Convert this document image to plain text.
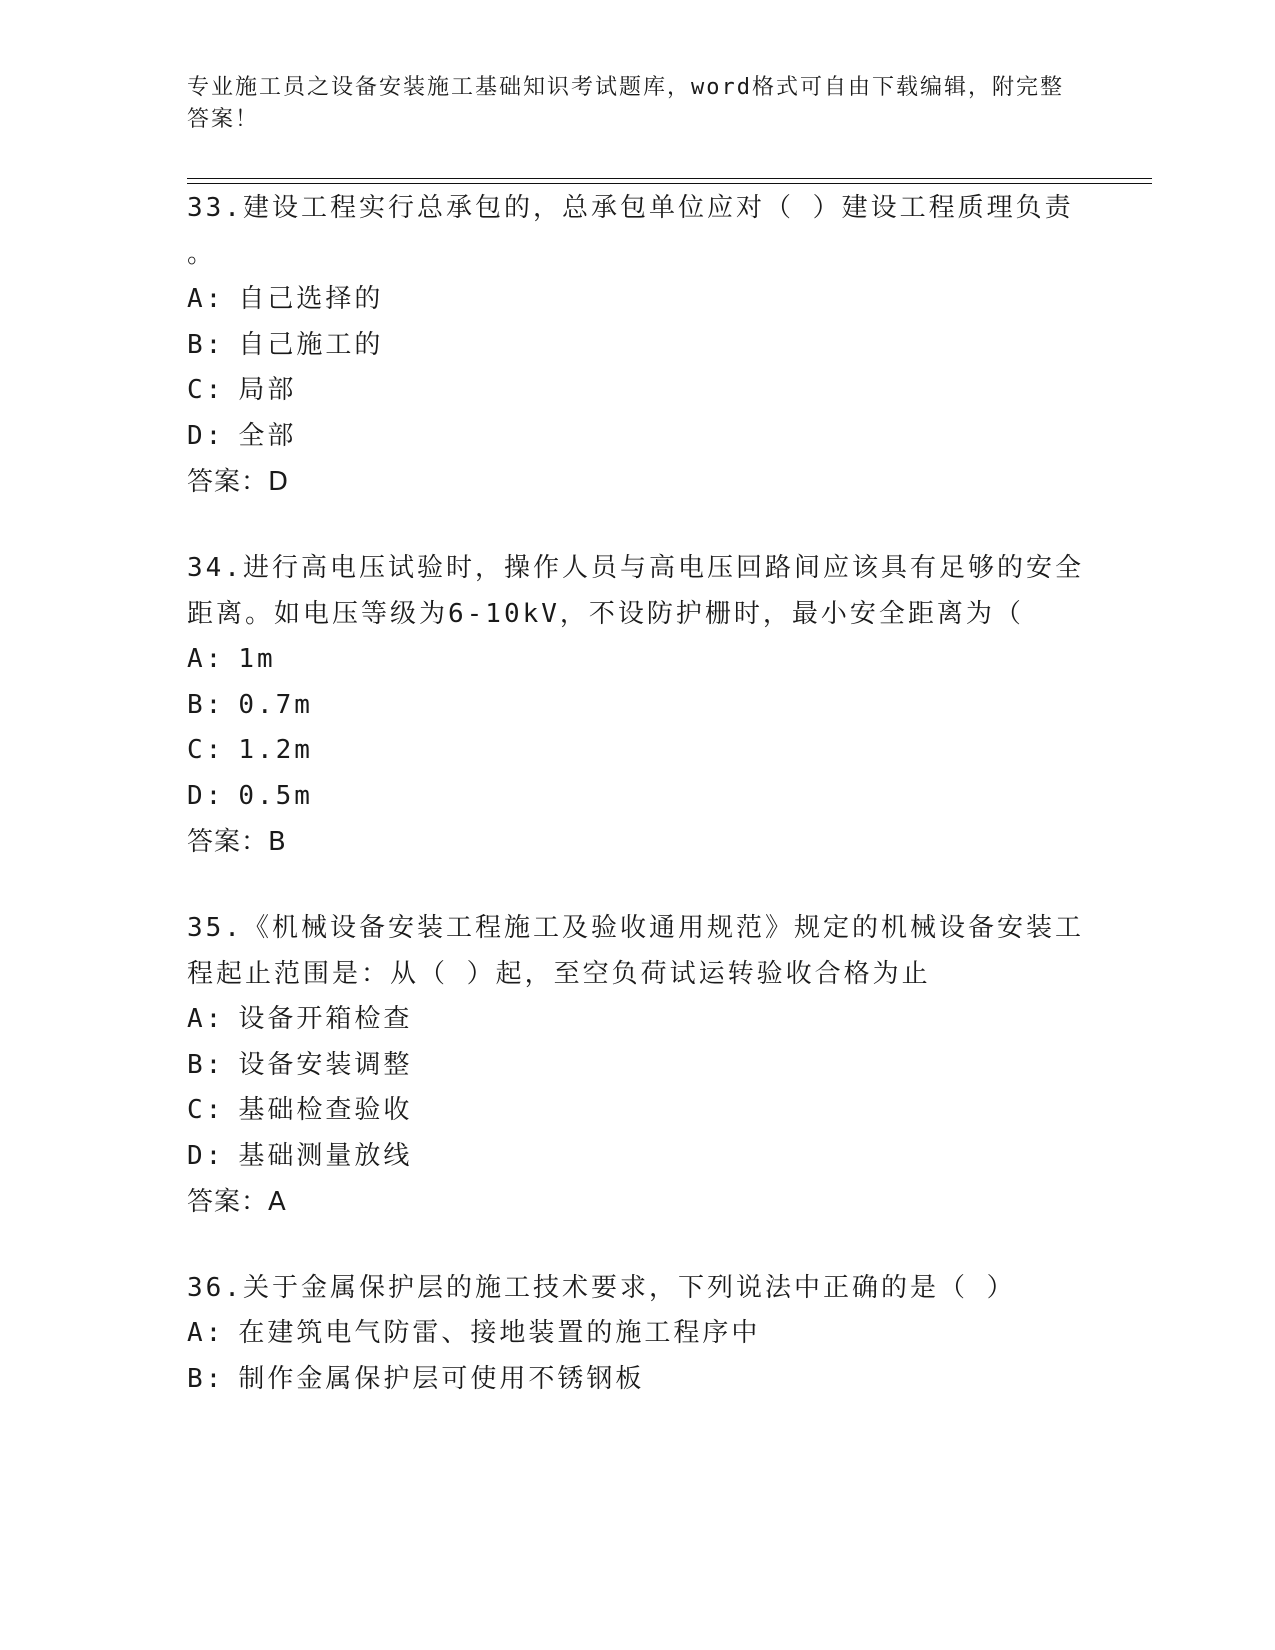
专业施工员之设备安装施工基础知识考试题库，word格式可自由下载编辑，附完整答案！
33.建设工程实行总承包的，总承包单位应对（ ）建设工程质理负责
。
A: 自己选择的
B: 自己施工的
C: 局部
D: 全部
答案：D
34.进行高电压试验时，操作人员与高电压回路间应该具有足够的安全
距离。如电压等级为6-10kV，不设防护栅时，最小安全距离为（
A: 1m
B: 0.7m
C: 1.2m
D: 0.5m
答案：B
35.《机械设备安装工程施工及验收通用规范》规定的机械设备安装工
程起止范围是：从（ ）起，至空负荷试运转验收合格为止
A: 设备开箱检查
B: 设备安装调整
C: 基础检查验收
D: 基础测量放线
答案：A
36.关于金属保护层的施工技术要求，下列说法中正确的是（ ）
A: 在建筑电气防雷、接地装置的施工程序中
B: 制作金属保护层可使用不锈钢板
